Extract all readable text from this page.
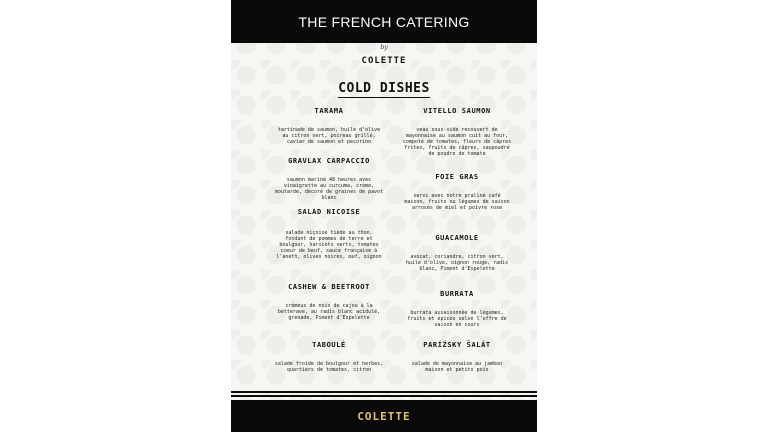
THE FRENCH CATERING
by
COLETTE
COLD DISHES
TARAMA
tartinade de saumon, huile d'olive au citron vert, poireau grillé, caviar de saumon et pecorino
GRAVLAX CARPACCIO
saumon mariné 48 heures avec vinaigrette au curcuma, crème, moutarde, décoré de graines de pavot blanc
SALAD NICOISE
salade niçoise tiède au thon, fondant de pommes de terre et boulgour, haricots verts, tomates coeur de beuf, sauce française à l'aneth, olives noires, œuf, oignon
CASHEW & BEETROOT
crémeux de noix de cajou à la betterave, au radis blanc acidulé, grenade, Piment d'Espelette
TABOULÉ
salade froide de boulgour et herbes, quartiers de tomates, citron
VITELLO SAUMON
veau sous-vide recouvert de mayonnaise au saumon cuit au four, compoté de tomates, fleurs de câpres frites, fruits de câpres, saupoudré de poudre de tomate
FOIE GRAS
servi avec notre praliné café maison, fruits ou légumes de saison arrosés de miel et poivre rose
GUACAMOLE
avocat, coriandre, citron vert, huile d'olive, oignon rouge, radis blanc, Piment d'Espelette
BURRATA
burrata assaisonnée de légumes, fruits et épices selon l'offre de saison en cours
PARÍŽSKY ŠALÁT
salade de mayonnaise au jambon maison et petits pois
COLETTE
